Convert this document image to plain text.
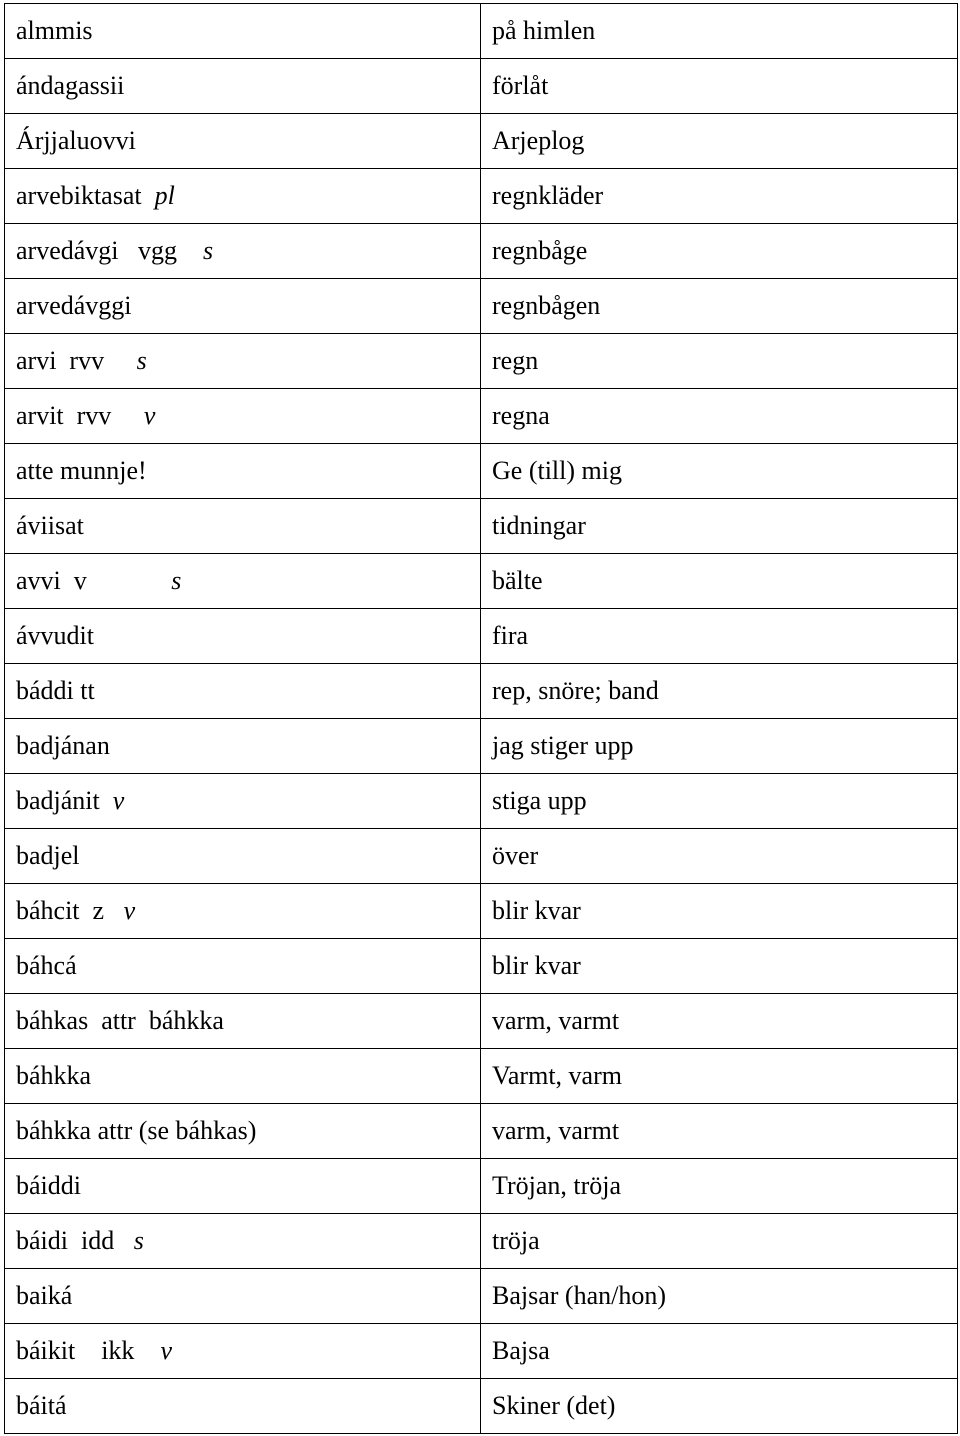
almmis	på himlen
ándagassii	förlåt
Árjjaluovvi	Arjeplog
arvebiktasat  pl	regnkläder
arvedávgi   vgg    s	regnbåge
arvedávggi	regnbågen
arvi  rvv     s	regn
arvit  rvv     v	regna
atte munnje!	Ge (till) mig
áviisat	tidningar
avvi  v             s	bälte
ávvudit	fira
báddi tt	rep, snöre; band
badjánan	jag stiger upp
badjánit  v	stiga upp
badjel	över
báhcit  z   v	blir kvar
báhcá	blir kvar
báhkas  attr  báhkka	varm, varmt
báhkka	Varmt, varm
báhkka attr (se báhkas)	varm, varmt
báiddi	Tröjan, tröja
báidi  idd   s	tröja
baiká	Bajsar (han/hon)
báikit    ikk    v	Bajsa
báitá	Skiner (det)
